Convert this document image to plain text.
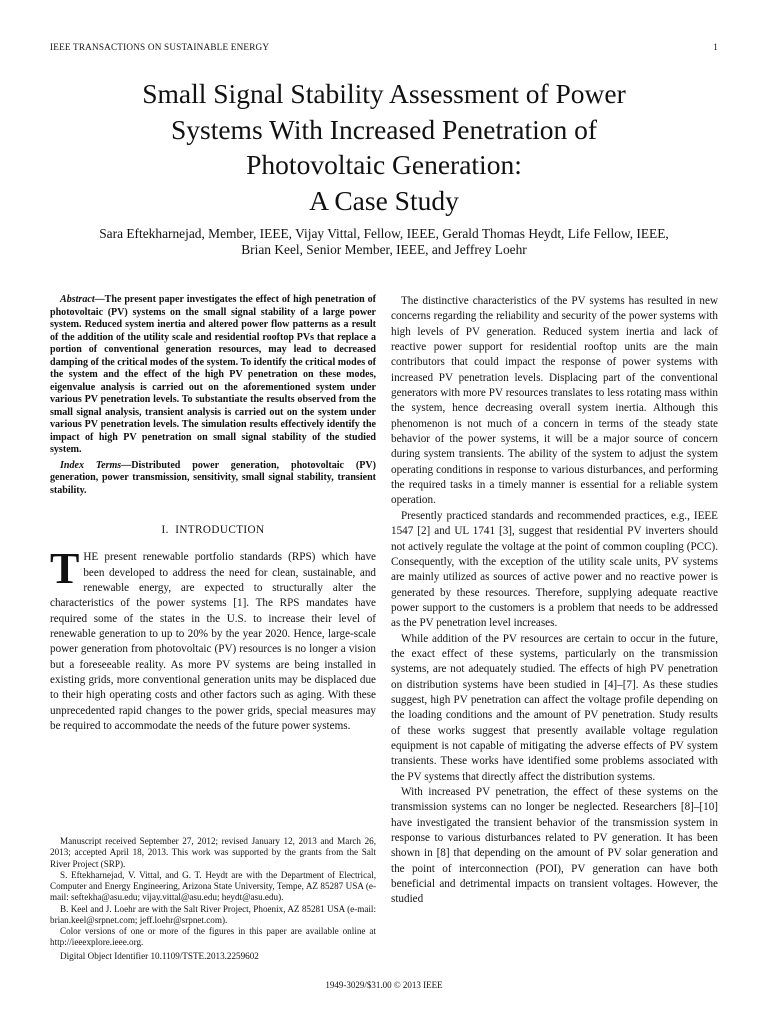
IEEE TRANSACTIONS ON SUSTAINABLE ENERGY	1
Small Signal Stability Assessment of Power
Systems With Increased Penetration of
Photovoltaic Generation:
A Case Study
Sara Eftekharnejad, Member, IEEE, Vijay Vittal, Fellow, IEEE, Gerald Thomas Heydt, Life Fellow, IEEE,
Brian Keel, Senior Member, IEEE, and Jeffrey Loehr

Abstract—The present paper investigates the effect of high penetration of photovoltaic (PV) systems on the small signal stability of a large power system. Reduced system inertia and altered power flow patterns as a result of the addition of the utility scale and residential rooftop PVs that replace a portion of conventional generation resources, may lead to decreased damping of the critical modes of the system. To identify the critical modes of the system and the effect of the high PV penetration on these modes, eigenvalue analysis is carried out on the aforementioned system under various PV penetration levels. To substantiate the results observed from the small signal analysis, transient analysis is carried out on the system under various PV penetration levels. The simulation results effectively identify the impact of high PV penetration on small signal stability of the studied system.

Index Terms—Distributed power generation, photovoltaic (PV) generation, power transmission, sensitivity, small signal stability, transient stability.

I. INTRODUCTION

THE present renewable portfolio standards (RPS) which have been developed to address the need for clean, sustainable, and renewable energy, are expected to structurally alter the characteristics of the power systems [1]. The RPS mandates have required some of the states in the U.S. to increase their level of renewable generation to up to 20% by the year 2020. Hence, large-scale power generation from photovoltaic (PV) resources is no longer a vision but a foreseeable reality. As more PV systems are being installed in existing grids, more conventional generation units may be displaced due to their high operating costs and other factors such as aging. With these unprecedented rapid changes to the power grids, special measures may be required to accommodate the needs of the future power systems.

Manuscript received September 27, 2012; revised January 12, 2013 and March 26, 2013; accepted April 18, 2013. This work was supported by the grants from the Salt River Project (SRP).

S. Eftekharnejad, V. Vittal, and G. T. Heydt are with the Department of Electrical, Computer and Energy Engineering, Arizona State University, Tempe, AZ 85287 USA (e-mail: seftekha@asu.edu; vijay.vittal@asu.edu; heydt@asu.edu).

B. Keel and J. Loehr are with the Salt River Project, Phoenix, AZ 85281 USA (e-mail: brian.keel@srpnet.com; jeff.loehr@srpnet.com).

Color versions of one or more of the figures in this paper are available online at http://ieeexplore.ieee.org.

Digital Object Identifier 10.1109/TSTE.2013.2259602

The distinctive characteristics of the PV systems has resulted in new concerns regarding the reliability and security of the power systems with high levels of PV generation. Reduced system inertia and lack of reactive power support for residential rooftop units are the main contributors that could impact the response of power systems with increased PV penetration levels. Displacing part of the conventional generators with more PV resources translates to less rotating mass within the system, hence decreasing overall system inertia. Although this phenomenon is not much of a concern in terms of the steady state behavior of the power systems, it will be a major source of concern during system transients. The ability of the system to adjust the system operating conditions in response to various disturbances, and performing the required tasks in a timely manner is essential for a reliable system operation.

Presently practiced standards and recommended practices, e.g., IEEE 1547 [2] and UL 1741 [3], suggest that residential PV inverters should not actively regulate the voltage at the point of common coupling (PCC). Consequently, with the exception of the utility scale units, PV systems are mainly utilized as sources of active power and no reactive power is generated by these resources. Therefore, supplying adequate reactive power support to the customers is a problem that needs to be addressed as the PV penetration level increases.

While addition of the PV resources are certain to occur in the future, the exact effect of these systems, particularly on the transmission systems, are not adequately studied. The effects of high PV penetration on distribution systems have been studied in [4]–[7]. As these studies suggest, high PV penetration can affect the voltage profile depending on the loading conditions and the amount of PV penetration. Study results of these works suggest that presently available voltage regulation equipment is not capable of mitigating the adverse effects of PV system transients. These works have identified some problems associated with the PV systems that directly affect the distribution systems.

With increased PV penetration, the effect of these systems on the transmission systems can no longer be neglected. Researchers [8]–[10] have investigated the transient behavior of the transmission system in response to various disturbances related to PV generation. It has been shown in [8] that depending on the amount of PV solar generation and the point of interconnection (POI), PV generation can have both beneficial and detrimental impacts on transient voltages. However, the studied

1949-3029/$31.00 © 2013 IEEE
